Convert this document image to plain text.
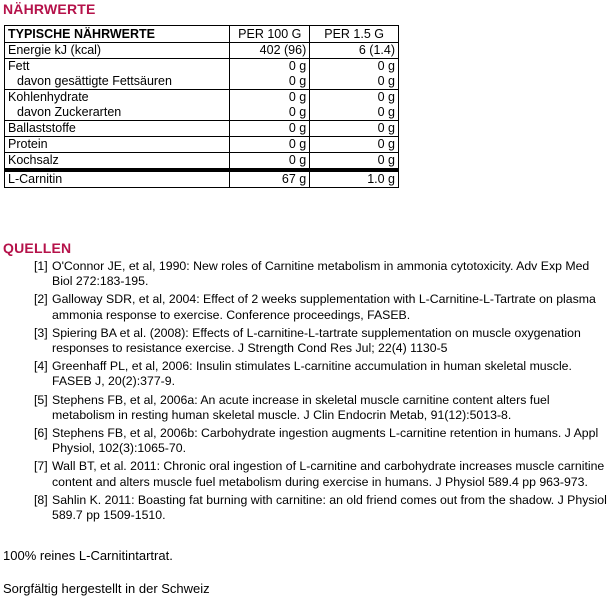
NÄHRWERTE
TYPISCHE NÄHRWERTE	PER 100 G	PER 1.5 G
Energie kJ (kcal)	402 (96)	6 (1.4)
Fett	0 g	0 g
davon gesättigte Fettsäuren	0 g	0 g
Kohlenhydrate	0 g	0 g
davon Zuckerarten	0 g	0 g
Ballaststoffe	0 g	0 g
Protein	0 g	0 g
Kochsalz	0 g	0 g
L-Carnitin	67 g	1.0 g
QUELLEN
[1] O'Connor JE, et al, 1990: New roles of Carnitine metabolism in ammonia cytotoxicity. Adv Exp Med Biol 272:183-195.
[2] Galloway SDR, et al, 2004: Effect of 2 weeks supplementation with L-Carnitine-L-Tartrate on plasma ammonia response to exercise. Conference proceedings, FASEB.
[3] Spiering BA et al. (2008): Effects of L-carnitine-L-tartrate supplementation on muscle oxygenation responses to resistance exercise. J Strength Cond Res Jul; 22(4) 1130-5
[4] Greenhaff PL, et al, 2006: Insulin stimulates L-carnitine accumulation in human skeletal muscle. FASEB J, 20(2):377-9.
[5] Stephens FB, et al, 2006a: An acute increase in skeletal muscle carnitine content alters fuel metabolism in resting human skeletal muscle. J Clin Endocrin Metab, 91(12):5013-8.
[6] Stephens FB, et al, 2006b: Carbohydrate ingestion augments L-carnitine retention in humans. J Appl Physiol, 102(3):1065-70.
[7] Wall BT, et al. 2011: Chronic oral ingestion of L-carnitine and carbohydrate increases muscle carnitine content and alters muscle fuel metabolism during exercise in humans. J Physiol 589.4 pp 963-973.
[8] Sahlin K. 2011: Boasting fat burning with carnitine: an old friend comes out from the shadow. J Physiol 589.7 pp 1509-1510.
100% reines L-Carnitintartrat.
Sorgfältig hergestellt in der Schweiz
